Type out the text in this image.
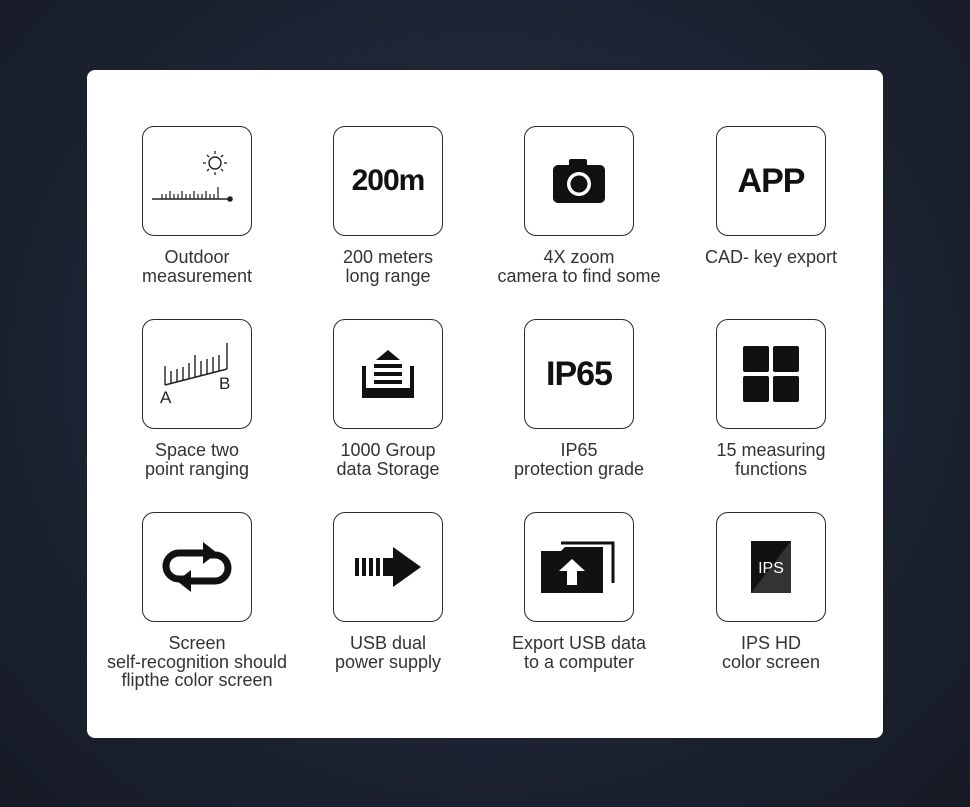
Outdoor
measurement
200m
200 meters
long range
4X zoom
camera to find some
APP
CAD- key export
A
B
Space two
point ranging
1000 Group
data Storage
IP65
IP65
protection grade
15 measuring
functions
Screen
self-recognition should
flipthe color screen
USB dual
power supply
Export USB data
to a computer
IPS
IPS HD
color screen
